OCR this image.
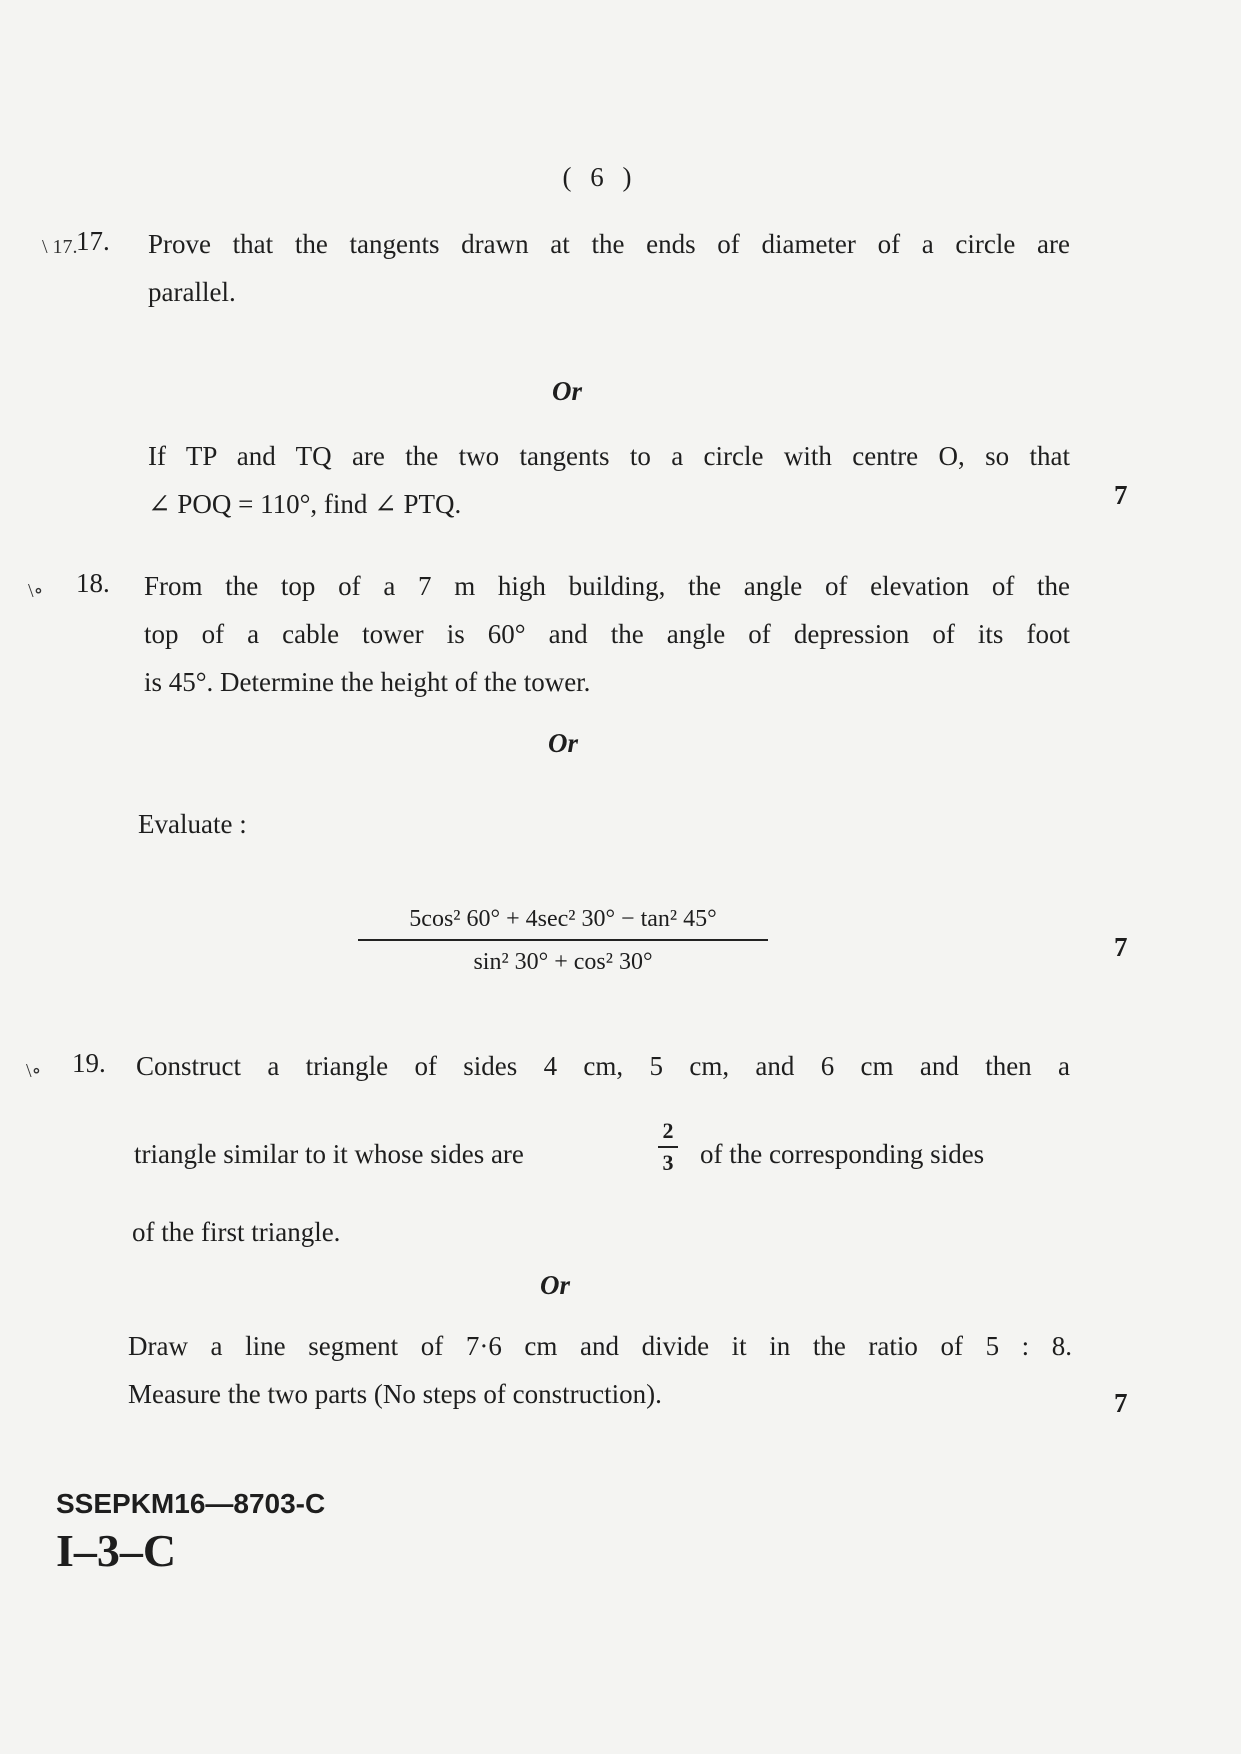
( 6 )
\ 17.
17. Prove that the tangents drawn at the ends of diameter of a circle are
parallel.
Or
If TP and TQ are the two tangents to a circle with centre O, so that
∠ POQ = 110°, find ∠ PTQ.	7
\∘ 18. From the top of a 7 m high building, the angle of elevation of the
top of a cable tower is 60° and the angle of depression of its foot
is 45°. Determine the height of the tower.
Or
Evaluate :
5cos² 60° + 4sec² 30° − tan² 45°
sin² 30° + cos² 30°	7
\∘ 19. Construct a triangle of sides 4 cm, 5 cm, and 6 cm and then a
triangle similar to it whose sides are
2
3 of the corresponding sides
of the first triangle.
Or
Draw a line segment of 7·6 cm and divide it in the ratio of 5 : 8.
Measure the two parts (No steps of construction).	7
SSEPKM16—8703-C
I–3–C
